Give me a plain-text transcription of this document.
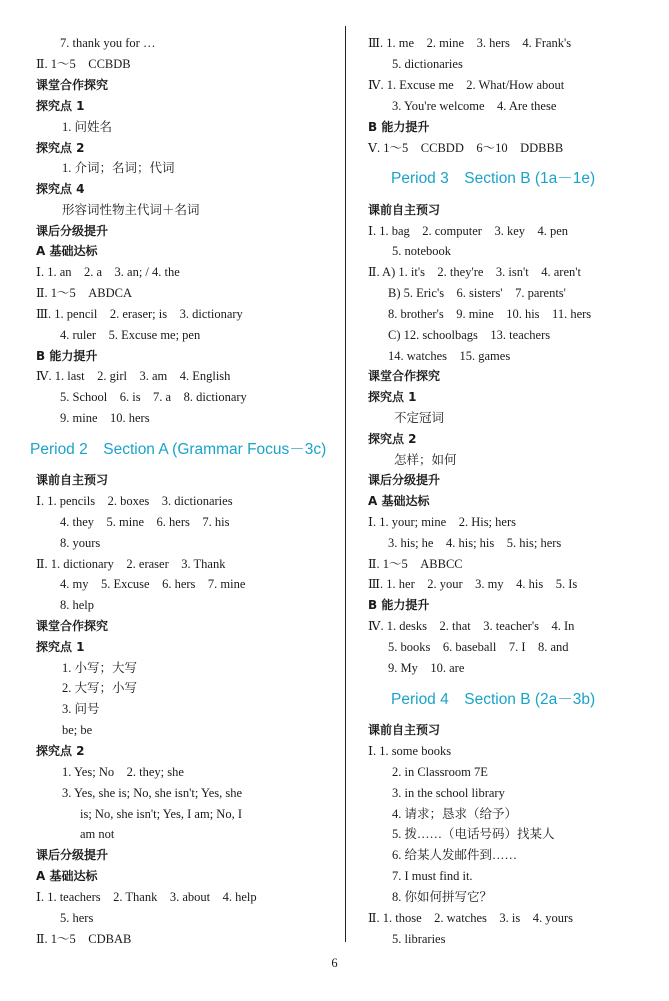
7. thank you for …
Ⅱ. 1～5　CCBDB
课堂合作探究
探究点 1
1. 问姓名
探究点 2
1. 介词；名词；代词
探究点 4
形容词性物主代词＋名词
课后分级提升
A 基础达标
Ⅰ. 1. an　2. a　3. an; / 4. the
Ⅱ. 1～5　ABDCA
Ⅲ. 1. pencil　2. eraser; is　3. dictionary
4. ruler　5. Excuse me; pen
B 能力提升
Ⅳ. 1. last　2. girl　3. am　4. English
5. School　6. is　7. a　8. dictionary
9. mine　10. hers
课前自主预习
Ⅰ. 1. pencils　2. boxes　3. dictionaries
4. they　5. mine　6. hers　7. his
8. yours
Ⅱ. 1. dictionary　2. eraser　3. Thank
4. my　5. Excuse　6. hers　7. mine
8. help
课堂合作探究
探究点 1
1. 小写；大写
2. 大写；小写
3. 问号
be; be
探究点 2
1. Yes; No　2. they; she
3. Yes, she is; No, she isn't; Yes, she
is; No, she isn't; Yes, I am; No, I
am not
课后分级提升
A 基础达标
Ⅰ. 1. teachers　2. Thank　3. about　4. help
5. hers
Ⅱ. 1～5　CDBAB
Period 2　Section A (Grammar Focus－3c)
Ⅲ. 1. me　2. mine　3. hers　4. Frank's
5. dictionaries
Ⅳ. 1. Excuse me　2. What/How about
3. You're welcome　4. Are these
B 能力提升
Ⅴ. 1～5　CCBDD　6～10　DDBBB
课前自主预习
Ⅰ. 1. bag　2. computer　3. key　4. pen
5. notebook
Ⅱ. A) 1. it's　2. they're　3. isn't　4. aren't
B) 5. Eric's　6. sisters'　7. parents'
8. brother's　9. mine　10. his　11. hers
C) 12. schoolbags　13. teachers
14. watches　15. games
课堂合作探究
探究点 1
不定冠词
探究点 2
怎样；如何
课后分级提升
A 基础达标
Ⅰ. 1. your; mine　2. His; hers
3. his; he　4. his; his　5. his; hers
Ⅱ. 1～5　ABBCC
Ⅲ. 1. her　2. your　3. my　4. his　5. Is
B 能力提升
Ⅳ. 1. desks　2. that　3. teacher's　4. In
5. books　6. baseball　7. I　8. and
9. My　10. are
课前自主预习
Ⅰ. 1. some books
2. in Classroom 7E
3. in the school library
4. 请求；恳求（给予）
5. 拨……（电话号码）找某人
6. 给某人发邮件到……
7. I must find it.
8. 你如何拼写它？
Ⅱ. 1. those　2. watches　3. is　4. yours
5. libraries
Period 3　Section B (1a－1e)
Period 4　Section B (2a－3b)
6
